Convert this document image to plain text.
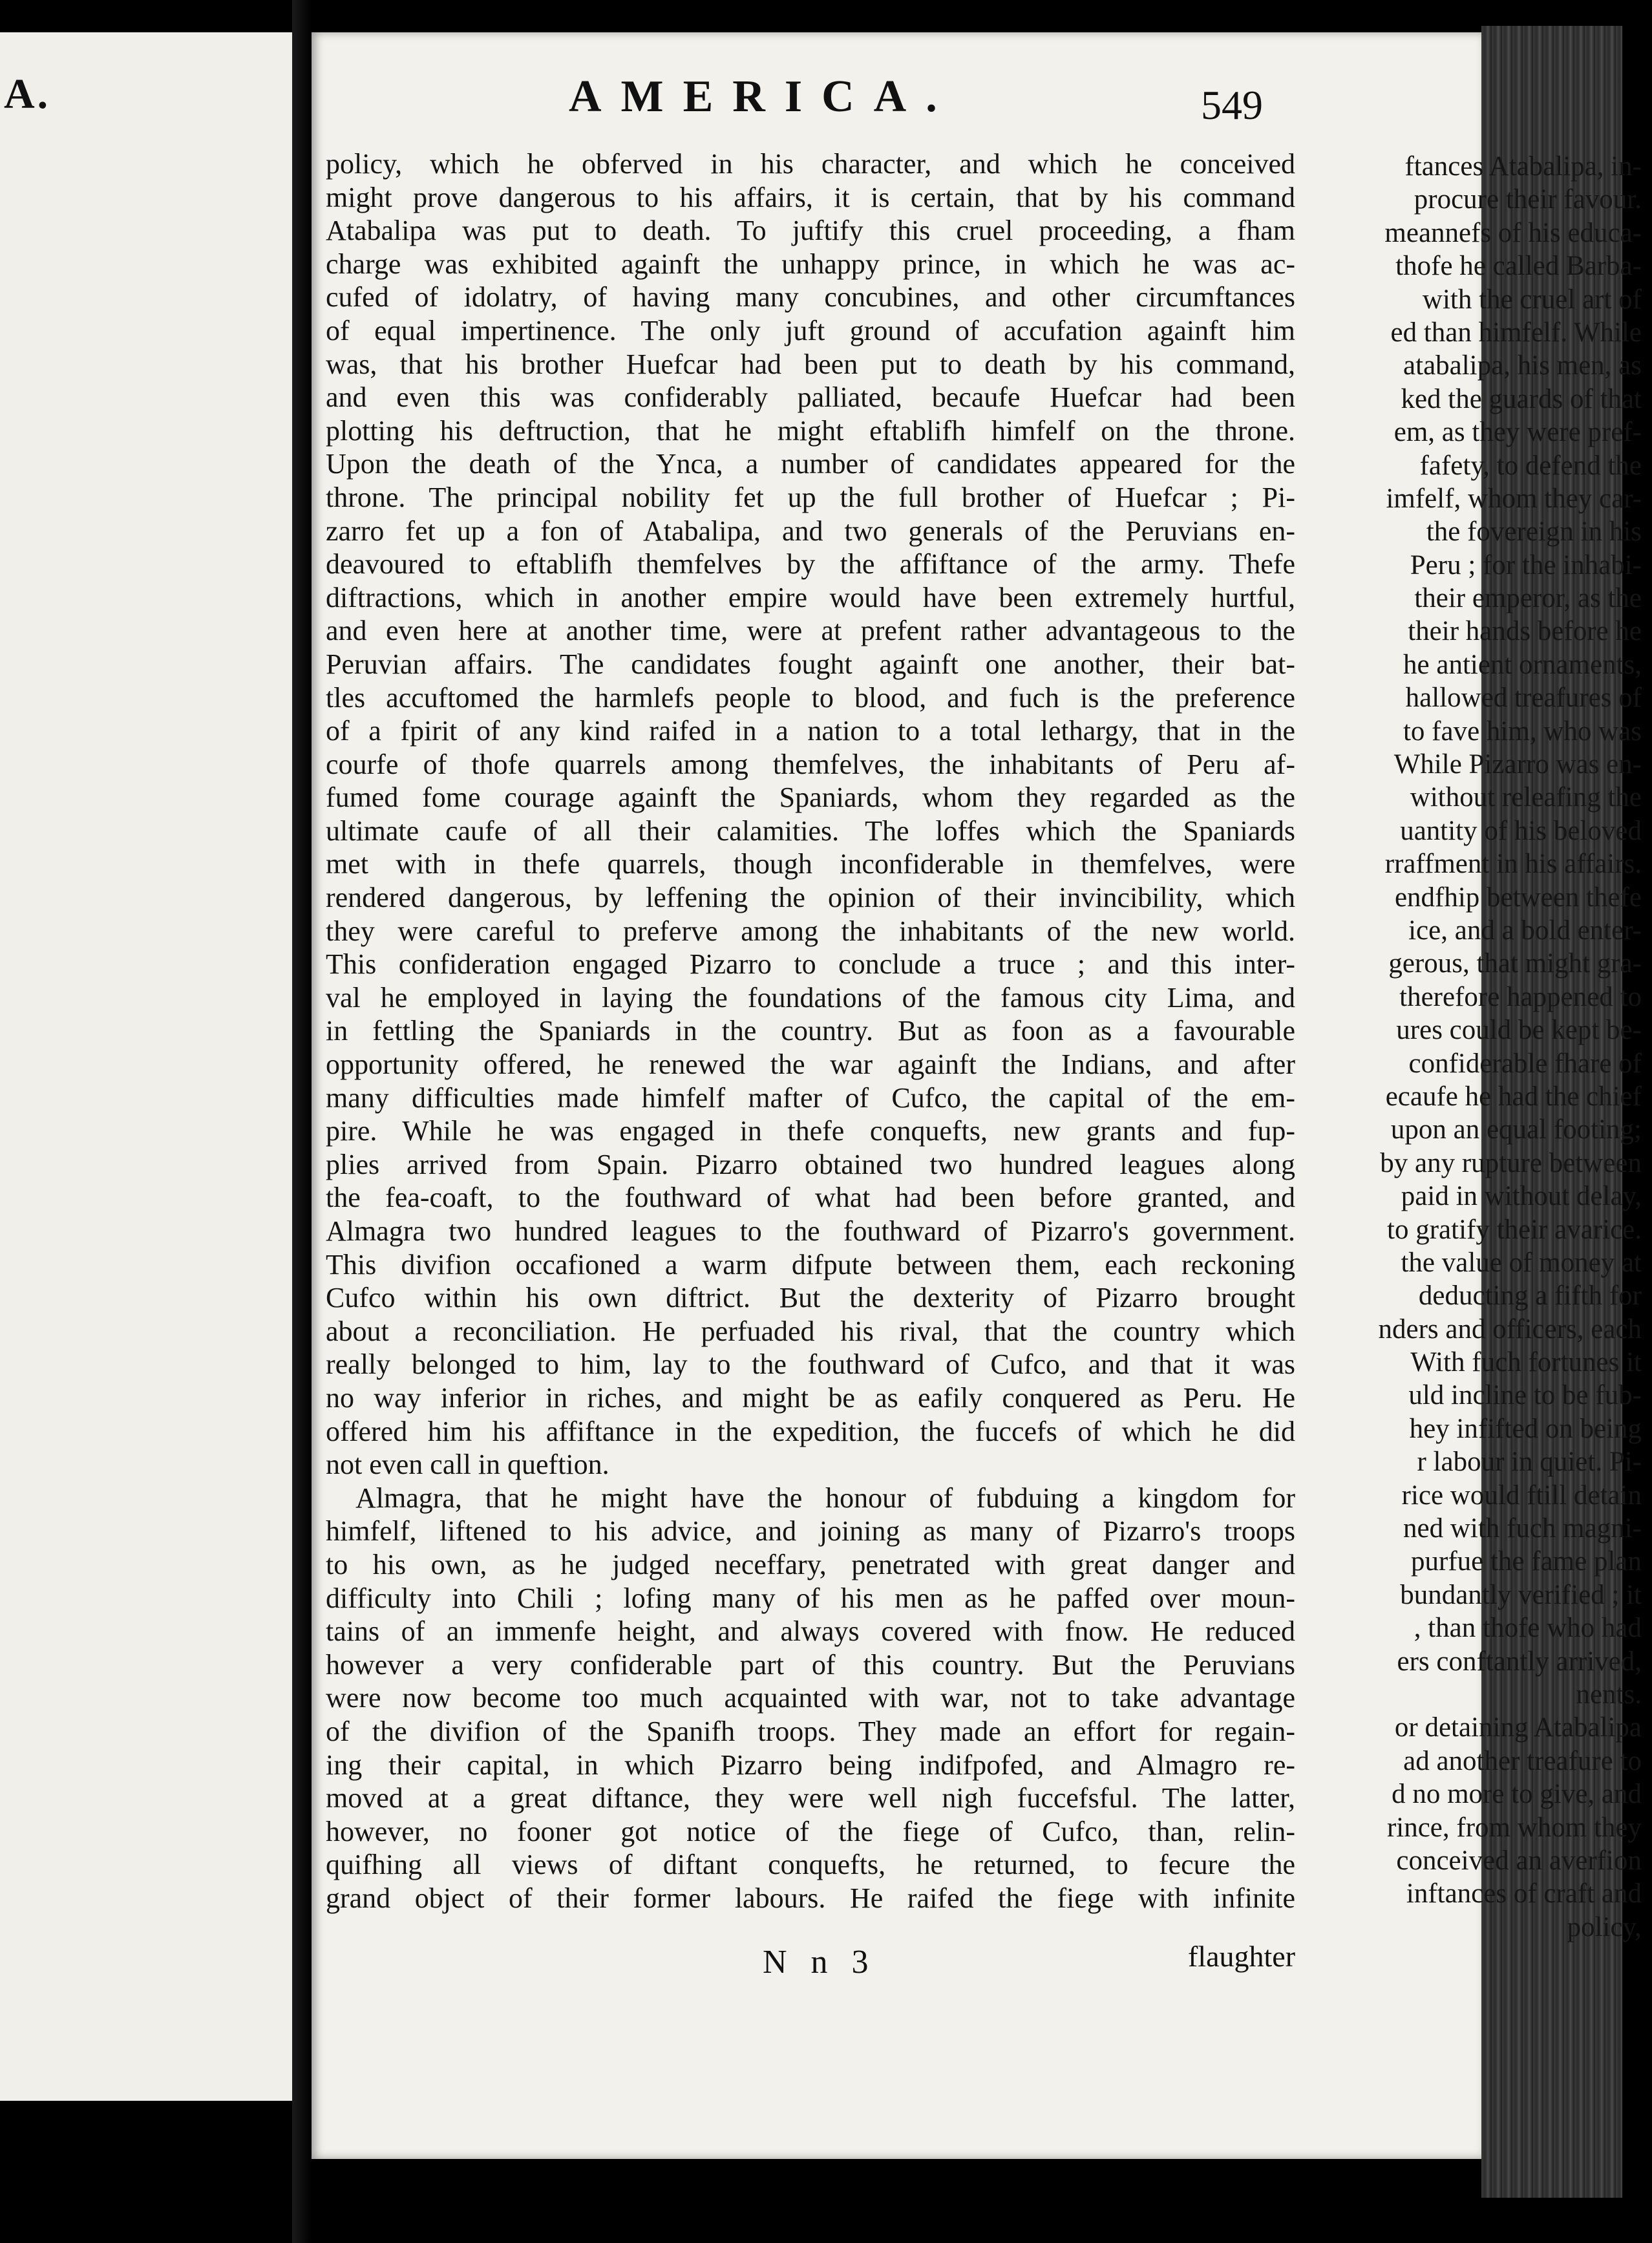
A.
ftances Atabalipa, in-
procure their favour.
meannefs of his educa-
thofe he called Barba-
with the cruel art of
ed than himfelf. While
atabalipa, his men, as
ked the guards of that
em, as they were pref-
fafety, to defend the
imfelf, whom they car-
the fovereign in his
Peru ; for the inhabi-
their emperor, as the
their hands before he
he antient ornaments,
hallowed treafures of
to fave him, who was
While Pizarro was en-
without releafing the
uantity of his beloved
rraffment in his affairs.
endfhip between thefe
ice, and a bold enter-
gerous, that might gra-
therefore happened to
ures could be kept be-
confiderable fhare of
ecaufe he had the chief
upon an equal footing;
by any rupture between
paid in without delay,
to gratify their avarice.
the value of money at
deducting a fifth for
nders and officers, each
With fuch fortunes it
uld incline to be fub-
hey infifted on being
r labour in quiet. Pi-
rice would ftill detain
ned with fuch magni-
purfue the fame plan
bundantly verified ; it
, than thofe who had
ers conftantly arrived,
nents.
or detaining Atabalipa
ad another treafure to
d no more to give, and
rince, from whom they
conceived an averfion
inftances of craft and
policy,
AMERICA.	549
policy, which he obferved in his character, and which he conceived
might prove dangerous to his affairs, it is certain, that by his command
Atabalipa was put to death. To juftify this cruel proceeding, a fham
charge was exhibited againft the unhappy prince, in which he was ac-
cufed of idolatry, of having many concubines, and other circumftances
of equal impertinence. The only juft ground of accufation againft him
was, that his brother Huefcar had been put to death by his command,
and even this was confiderably palliated, becaufe Huefcar had been
plotting his deftruction, that he might eftablifh himfelf on the throne.
Upon the death of the Ynca, a number of candidates appeared for the
throne. The principal nobility fet up the full brother of Huefcar ; Pi-
zarro fet up a fon of Atabalipa, and two generals of the Peruvians en-
deavoured to eftablifh themfelves by the affiftance of the army. Thefe
diftractions, which in another empire would have been extremely hurtful,
and even here at another time, were at prefent rather advantageous to the
Peruvian affairs. The candidates fought againft one another, their bat-
tles accuftomed the harmlefs people to blood, and fuch is the preference
of a fpirit of any kind raifed in a nation to a total lethargy, that in the
courfe of thofe quarrels among themfelves, the inhabitants of Peru af-
fumed fome courage againft the Spaniards, whom they regarded as the
ultimate caufe of all their calamities. The loffes which the Spaniards
met with in thefe quarrels, though inconfiderable in themfelves, were
rendered dangerous, by leffening the opinion of their invincibility, which
they were careful to preferve among the inhabitants of the new world.
This confideration engaged Pizarro to conclude a truce ; and this inter-
val he employed in laying the foundations of the famous city Lima, and
in fettling the Spaniards in the country. But as foon as a favourable
opportunity offered, he renewed the war againft the Indians, and after
many difficulties made himfelf mafter of Cufco, the capital of the em-
pire. While he was engaged in thefe conquefts, new grants and fup-
plies arrived from Spain. Pizarro obtained two hundred leagues along
the fea-coaft, to the fouthward of what had been before granted, and
Almagra two hundred leagues to the fouthward of Pizarro's government.
This divifion occafioned a warm difpute between them, each reckoning
Cufco within his own diftrict. But the dexterity of Pizarro brought
about a reconciliation. He perfuaded his rival, that the country which
really belonged to him, lay to the fouthward of Cufco, and that it was
no way inferior in riches, and might be as eafily conquered as Peru. He
offered him his affiftance in the expedition, the fuccefs of which he did
not even call in queftion.
Almagra, that he might have the honour of fubduing a kingdom for
himfelf, liftened to his advice, and joining as many of Pizarro's troops
to his own, as he judged neceffary, penetrated with great danger and
difficulty into Chili ; lofing many of his men as he paffed over moun-
tains of an immenfe height, and always covered with fnow. He reduced
however a very confiderable part of this country. But the Peruvians
were now become too much acquainted with war, not to take advantage
of the divifion of the Spanifh troops. They made an effort for regain-
ing their capital, in which Pizarro being indifpofed, and Almagro re-
moved at a great diftance, they were well nigh fuccefsful. The latter,
however, no fooner got notice of the fiege of Cufco, than, relin-
quifhing all views of diftant conquefts, he returned, to fecure the
grand object of their former labours. He raifed the fiege with infinite
N n 3	flaughter
